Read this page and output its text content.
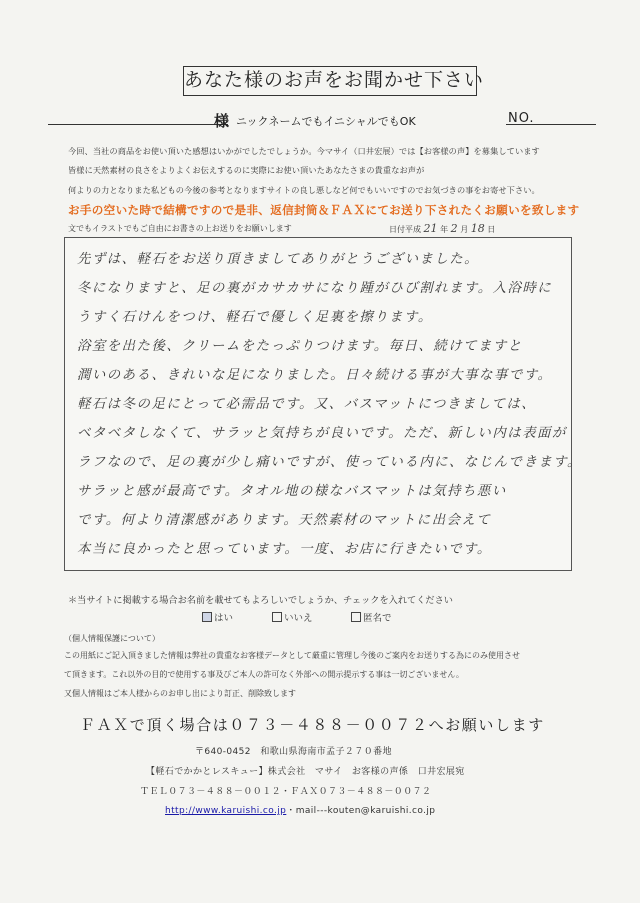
あなた様のお声をお聞かせ下さい
様 ニックネームでもイニシャルでもOK	NO.
今回、当社の商品をお使い頂いた感想はいかがでしたでしょうか。今マサイ（口井宏展）では【お客様の声】を募集しています
皆様に天然素材の良さをよりよくお伝えするのに実際にお使い頂いたあなたさまの貴重なお声が
何よりの力となりまた私どもの今後の参考となりますサイトの良し悪しなど何でもいいですのでお気づきの事をお寄せ下さい。
お手の空いた時で結構ですので是非、返信封筒＆ＦＡＸにてお送り下されたくお願いを致します
文でもイラストでもご自由にお書きの上お送りをお願いします	日付平成 21 年 2 月 18 日
先ずは、軽石をお送り頂きましてありがとうございました。
冬になりますと、足の裏がカサカサになり踵がひび割れます。入浴時に
うすく石けんをつけ、軽石で優しく足裏を擦ります。
浴室を出た後、クリームをたっぷりつけます。毎日、続けてますと
潤いのある、きれいな足になりました。日々続ける事が大事な事です。
軽石は冬の足にとって必需品です。又、バスマットにつきましては、
ベタベタしなくて、サラッと気持ちが良いです。ただ、新しい内は表面が
ラフなので、足の裏が少し痛いですが、使っている内に、なじんできます。
サラッと感が最高です。タオル地の様なバスマットは気持ち悪い
です。何より清潔感があります。天然素材のマットに出会えて
本当に良かったと思っています。一度、お店に行きたいです。
＊当サイトに掲載する場合お名前を載せてもよろしいでしょうか、チェックを入れてください
はい	いいえ	匿名で
（個人情報保護について）
この用紙にご記入頂きました情報は弊社の貴重なお客様データとして厳重に管理し今後のご案内をお送りする為にのみ使用させ
て頂きます。これ以外の目的で使用する事及びご本人の許可なく外部への開示提示する事は一切ございません。
又個人情報はご本人様からのお申し出により訂正、削除致します
ＦＡＸで頂く場合は０７３－４８８－００７２へお願いします
〒640-0452　和歌山県海南市孟子２７０番地
【軽石でかかとレスキュー】株式会社　マサイ　お客様の声係　口井宏展宛
ＴＥＬ０７３－４８８－００１２・ＦＡＸ０７３－４８８－００７２
http://www.karuishi.co.jp・mail---kouten@karuishi.co.jp
